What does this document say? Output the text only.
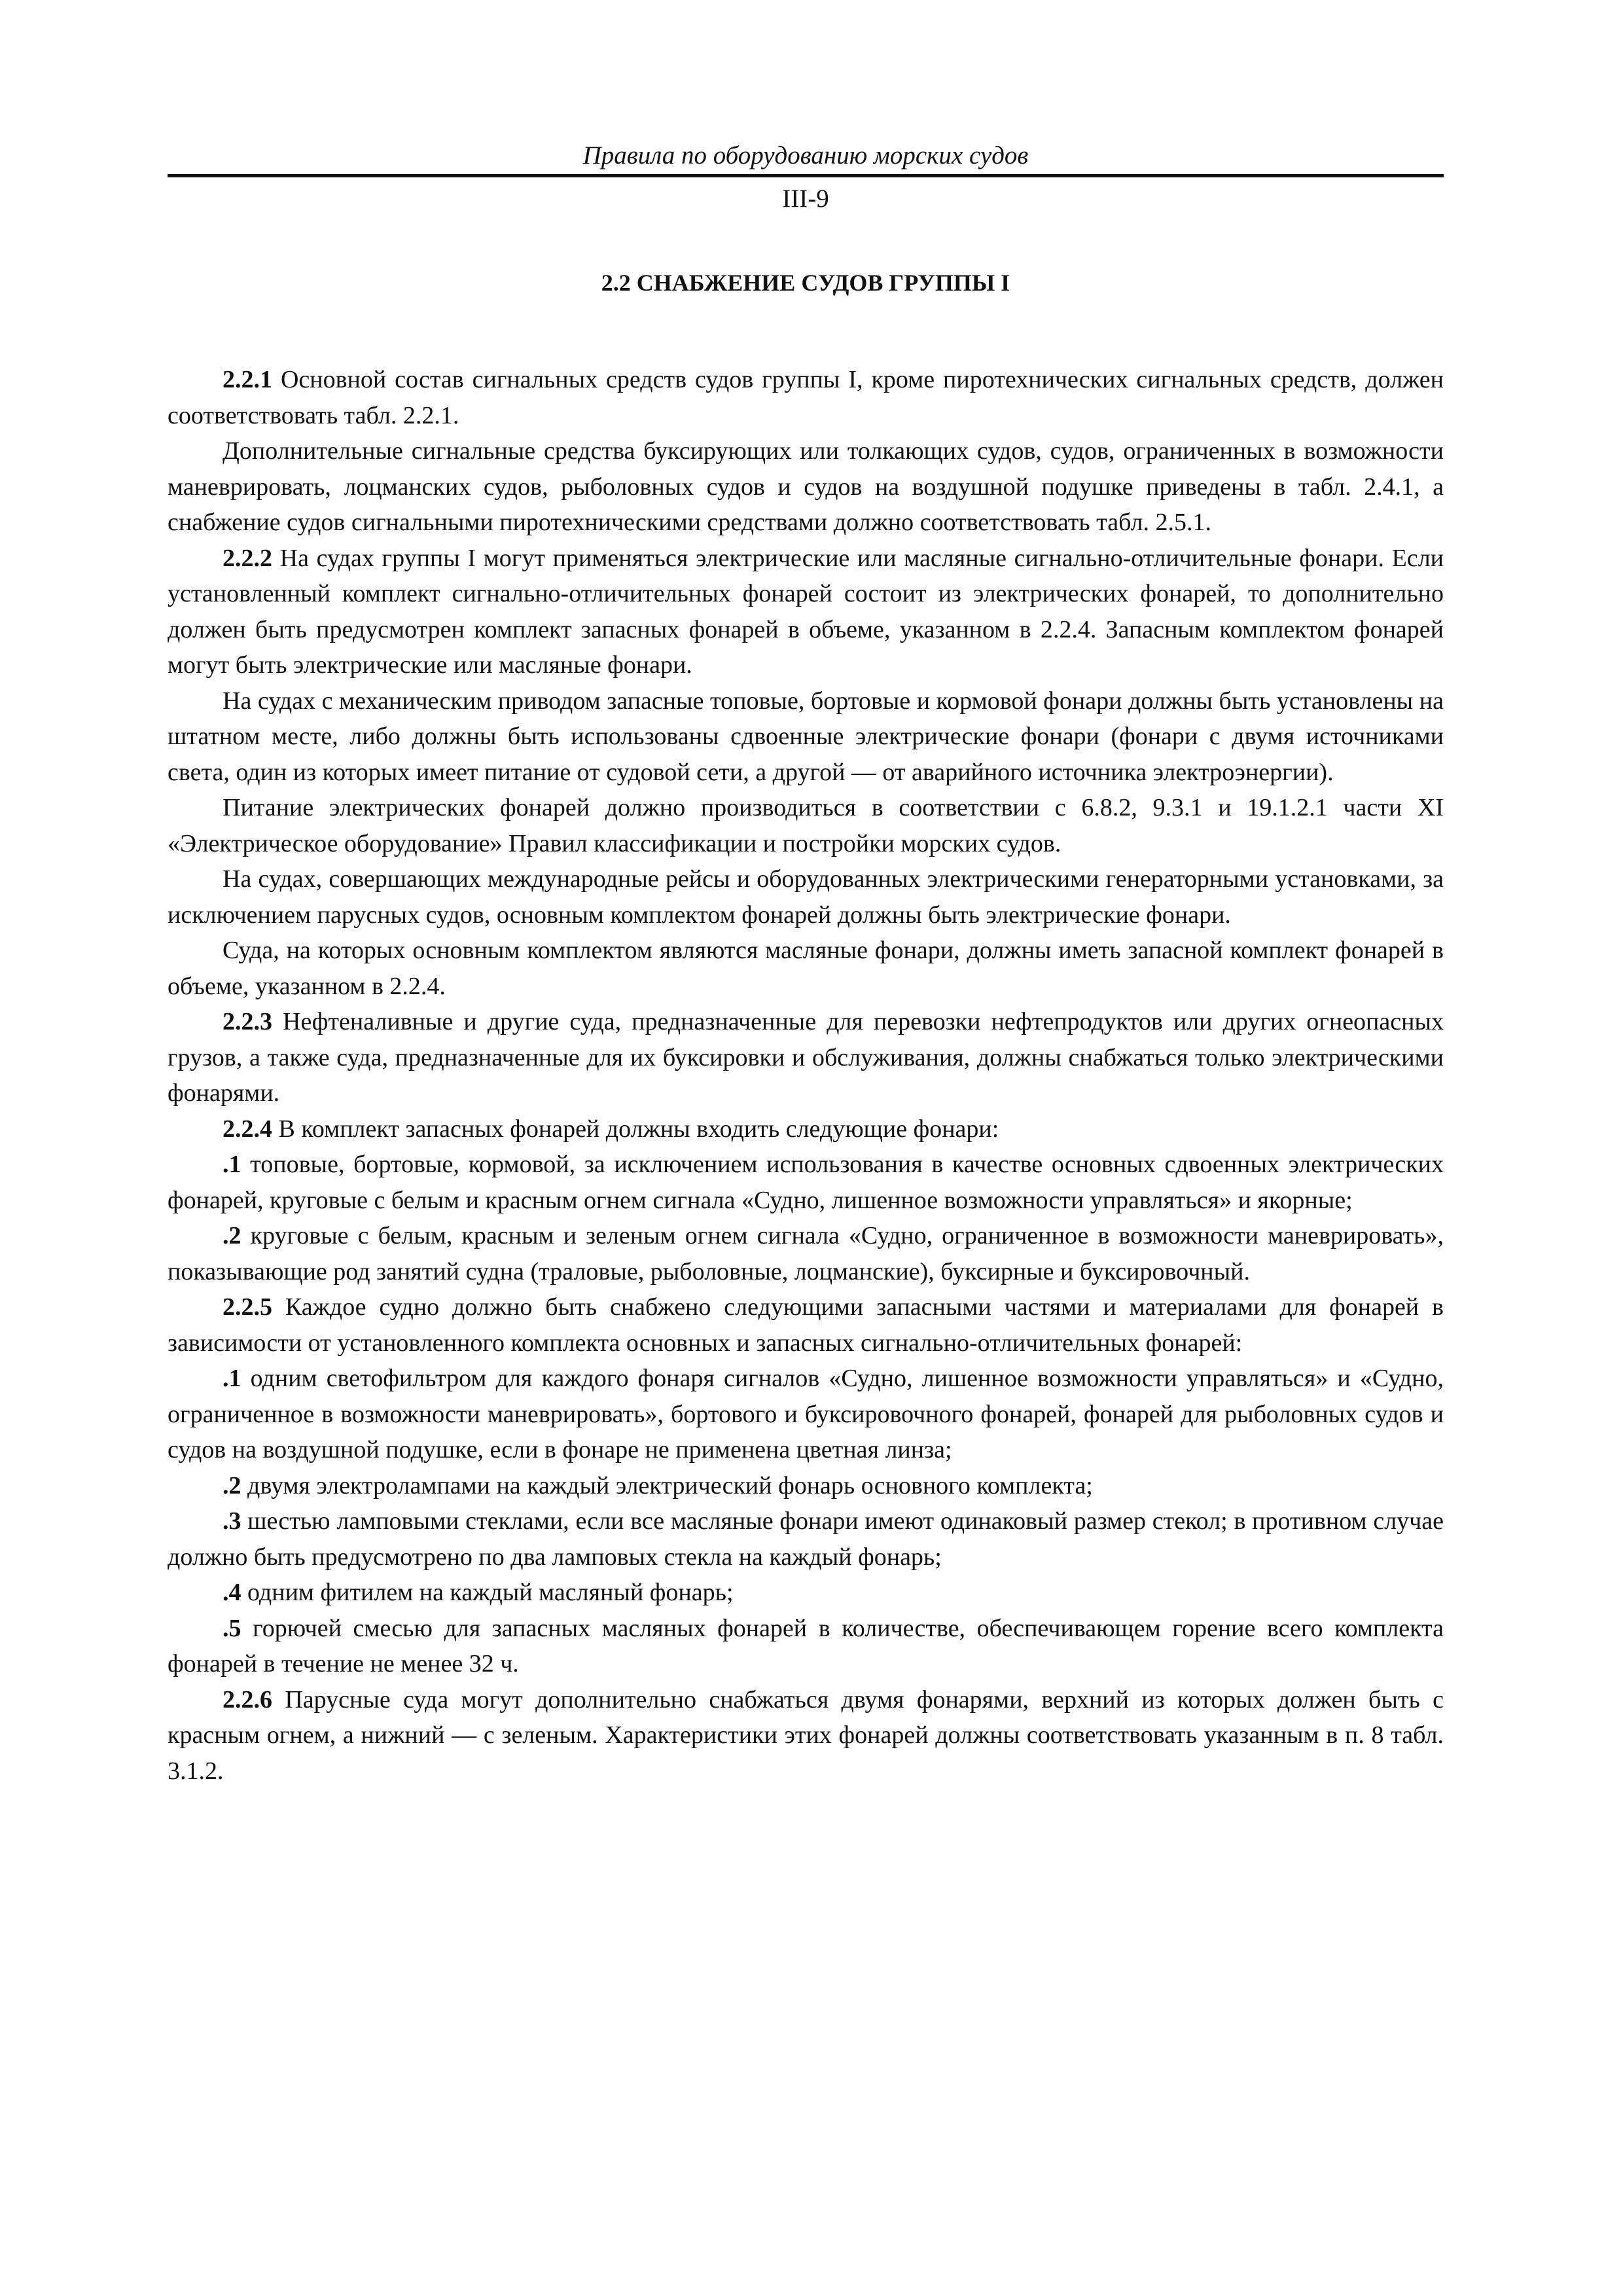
Правила по оборудованию морских судов
III-9
2.2 СНАБЖЕНИЕ СУДОВ ГРУППЫ I

2.2.1 Основной состав сигнальных средств судов группы I, кроме пиротехнических сигнальных средств, должен соответствовать табл. 2.2.1.

Дополнительные сигнальные средства буксирующих или толкающих судов, судов, ограниченных в возможности маневрировать, лоцманских судов, рыболовных судов и судов на воздушной подушке приведены в табл. 2.4.1, а снабжение судов сигнальными пиротехническими средствами должно соответствовать табл. 2.5.1.

2.2.2 На судах группы I могут применяться электрические или масляные сигнально-отличительные фонари. Если установленный комплект сигнально-отличительных фонарей состоит из электрических фонарей, то дополнительно должен быть предусмотрен комплект запасных фонарей в объеме, указанном в 2.2.4. Запасным комплектом фонарей могут быть электрические или масляные фонари.

На судах с механическим приводом запасные топовые, бортовые и кормовой фонари должны быть установлены на штатном месте, либо должны быть использованы сдвоенные электрические фонари (фонари с двумя источниками света, один из которых имеет питание от судовой сети, а другой — от аварийного источника электроэнергии).

Питание электрических фонарей должно производиться в соответствии с 6.8.2, 9.3.1 и 19.1.2.1 части XI «Электрическое оборудование» Правил классификации и постройки морских судов.

На судах, совершающих международные рейсы и оборудованных электрическими генераторными установками, за исключением парусных судов, основным комплектом фонарей должны быть электрические фонари.

Суда, на которых основным комплектом являются масляные фонари, должны иметь запасной комплект фонарей в объеме, указанном в 2.2.4.

2.2.3 Нефтеналивные и другие суда, предназначенные для перевозки нефтепродуктов или других огнеопасных грузов, а также суда, предназначенные для их буксировки и обслуживания, должны снабжаться только электрическими фонарями.

2.2.4 В комплект запасных фонарей должны входить следующие фонари:

.1 топовые, бортовые, кормовой, за исключением использования в качестве основных сдвоенных электрических фонарей, круговые с белым и красным огнем сигнала «Судно, лишенное возможности управляться» и якорные;

.2 круговые с белым, красным и зеленым огнем сигнала «Судно, ограниченное в возможности маневрировать», показывающие род занятий судна (траловые, рыболовные, лоцманские), буксирные и буксировочный.

2.2.5 Каждое судно должно быть снабжено следующими запасными частями и материалами для фонарей в зависимости от установленного комплекта основных и запасных сигнально-отличительных фонарей:

.1 одним светофильтром для каждого фонаря сигналов «Судно, лишенное возможности управляться» и «Судно, ограниченное в возможности маневрировать», бортового и буксировочного фонарей, фонарей для рыболовных судов и судов на воздушной подушке, если в фонаре не применена цветная линза;

.2 двумя электролампами на каждый электрический фонарь основного комплекта;

.3 шестью ламповыми стеклами, если все масляные фонари имеют одинаковый размер стекол; в противном случае должно быть предусмотрено по два ламповых стекла на каждый фонарь;

.4 одним фитилем на каждый масляный фонарь;

.5 горючей смесью для запасных масляных фонарей в количестве, обеспечивающем горение всего комплекта фонарей в течение не менее 32 ч.

2.2.6 Парусные суда могут дополнительно снабжаться двумя фонарями, верхний из которых должен быть с красным огнем, а нижний — с зеленым. Характеристики этих фонарей должны соответствовать указанным в п. 8 табл. 3.1.2.
